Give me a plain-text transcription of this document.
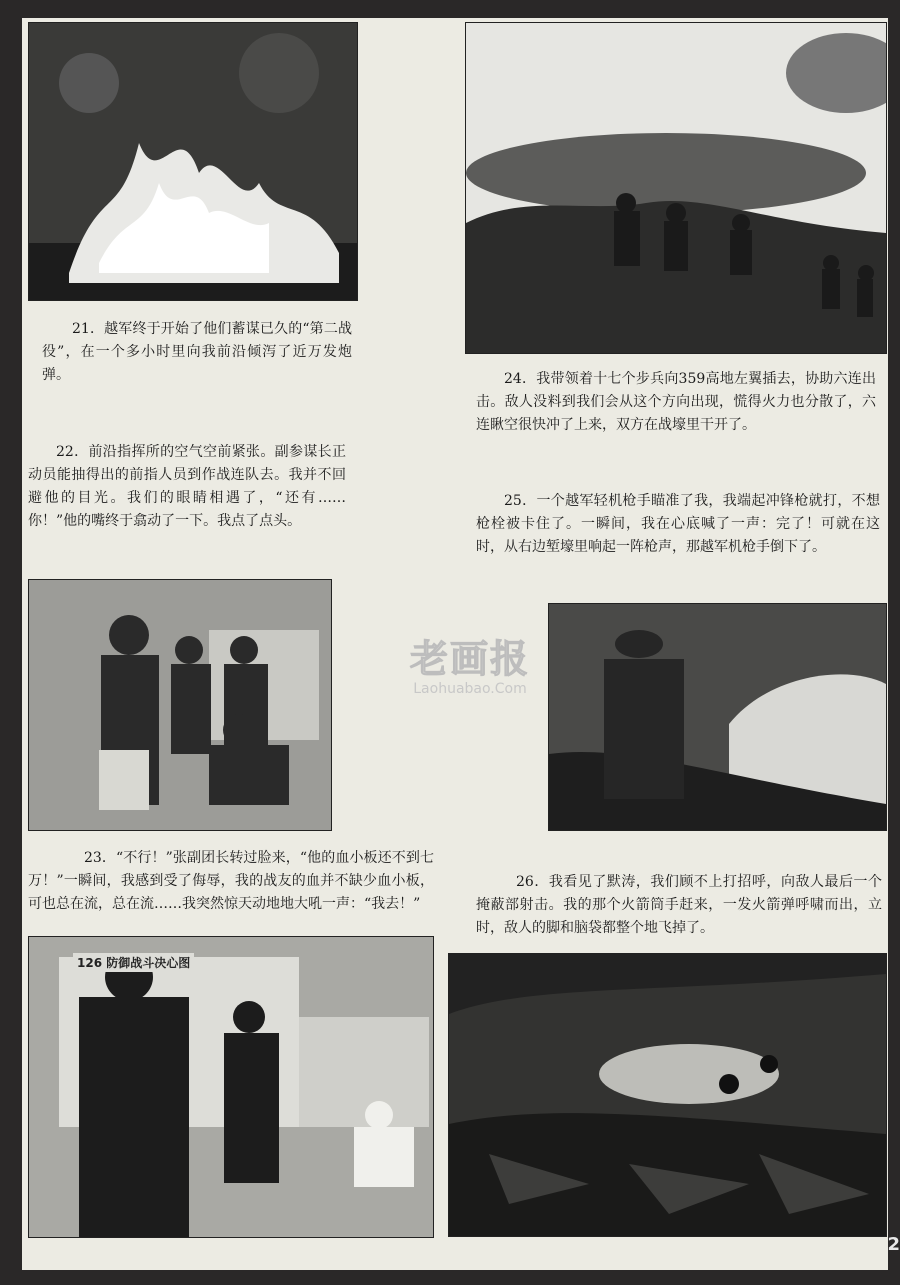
21．越军终于开始了他们蓄谋已久的“第二战役”，在一个多小时里向我前沿倾泻了近万发炮弹。	24．我带领着十七个步兵向359高地左翼插去，协助六连出击。敌人没料到我们会从这个方向出现，慌得火力也分散了，六连瞅空很快冲了上来，双方在战壕里干开了。

22．前沿指挥所的空气空前紧张。副参谋长正动员能抽得出的前指人员到作战连队去。我并不回避他的目光。我们的眼睛相遇了，“还有……你！”他的嘴终于翕动了一下。我点了点头。

25．一个越军轻机枪手瞄准了我，我端起冲锋枪就打，不想枪栓被卡住了。一瞬间，我在心底喊了一声：完了！可就在这时，从右边堑壕里响起一阵枪声，那越军机枪手倒下了。

老画报
Laohuabao.Com

23．“不行！”张副团长转过脸来，“他的血小板还不到七万！”一瞬间，我感到受了侮辱，我的战友的血并不缺少血小板，可也总在流，总在流……我突然惊天动地地大吼一声：“我去！”

26．我看见了默涛，我们顾不上打招呼，向敌人最后一个掩蔽部射击。我的那个火箭筒手赶来，一发火箭弹呼啸而出，立时，敌人的脚和脑袋都整个地飞掉了。

126 防御战斗决心图
2
